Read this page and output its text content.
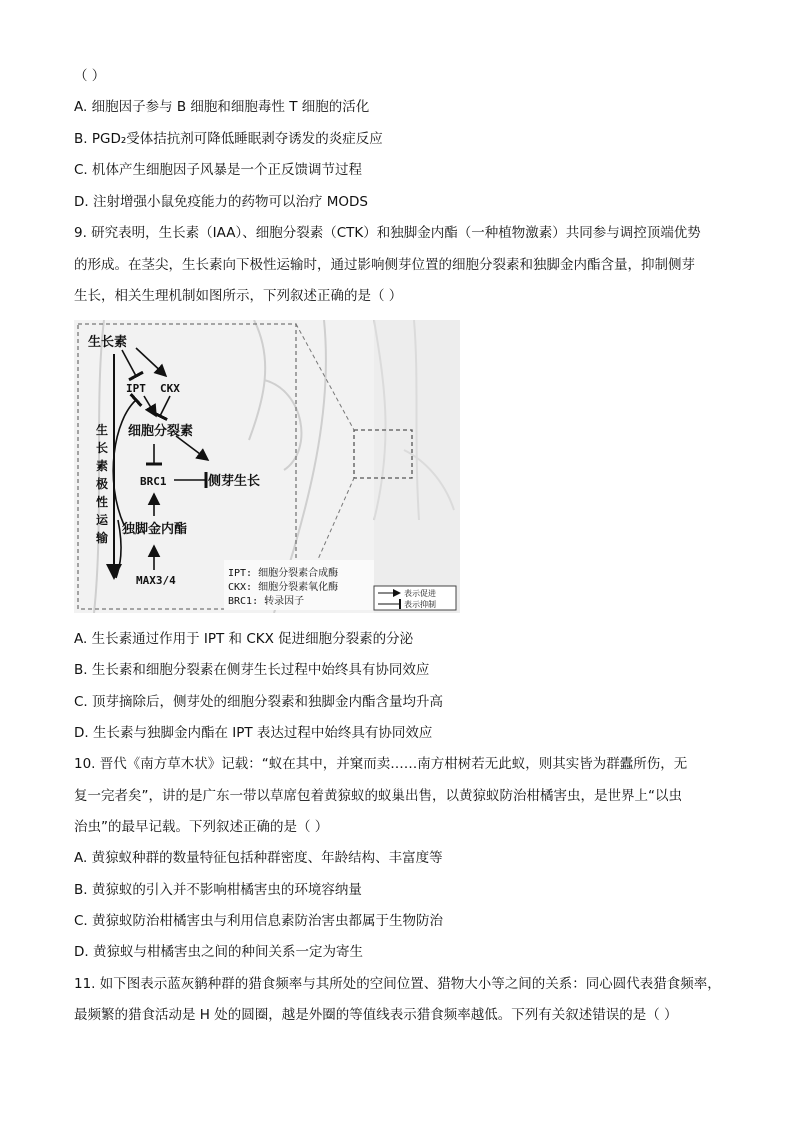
（ ）
A. 细胞因子参与 B 细胞和细胞毒性 T 细胞的活化
B. PGD₂受体拮抗剂可降低睡眠剥夺诱发的炎症反应
C. 机体产生细胞因子风暴是一个正反馈调节过程
D. 注射增强小鼠免疫能力的药物可以治疗 MODS
9. 研究表明，生长素（IAA）、细胞分裂素（CTK）和独脚金内酯（一种植物激素）共同参与调控顶端优势
的形成。在茎尖，生长素向下极性运输时，通过影响侧芽位置的细胞分裂素和独脚金内酯含量，抑制侧芽
生长，相关生理机制如图所示，下列叙述正确的是（ ）
生长素
IPT CKX
细胞分裂素
BRC1	侧芽生长
独脚金内酯
MAX3/4
生
长
素
极
性
运
输
IPT: 细胞分裂素合成酶
CKX: 细胞分裂素氧化酶
BRC1: 转录因子
表示促进
表示抑制
A. 生长素通过作用于 IPT 和 CKX 促进细胞分裂素的分泌
B. 生长素和细胞分裂素在侧芽生长过程中始终具有协同效应
C. 顶芽摘除后，侧芽处的细胞分裂素和独脚金内酯含量均升高
D. 生长素与独脚金内酯在 IPT 表达过程中始终具有协同效应
10. 晋代《南方草木状》记载：“蚁在其中，并窠而卖……南方柑树若无此蚁，则其实皆为群蠹所伤，无
复一完者矣”，讲的是广东一带以草席包着黄猄蚁的蚁巢出售，以黄猄蚁防治柑橘害虫，是世界上“以虫
治虫”的最早记载。下列叙述正确的是（ ）
A. 黄猄蚁种群的数量特征包括种群密度、年龄结构、丰富度等
B. 黄猄蚁的引入并不影响柑橘害虫的环境容纳量
C. 黄猄蚁防治柑橘害虫与利用信息素防治害虫都属于生物防治
D. 黄猄蚁与柑橘害虫之间的种间关系一定为寄生
11. 如下图表示蓝灰鹟种群的猎食频率与其所处的空间位置、猎物大小等之间的关系：同心圆代表猎食频率，
最频繁的猎食活动是 H 处的圆圈，越是外圈的等值线表示猎食频率越低。下列有关叙述错误的是（ ）
